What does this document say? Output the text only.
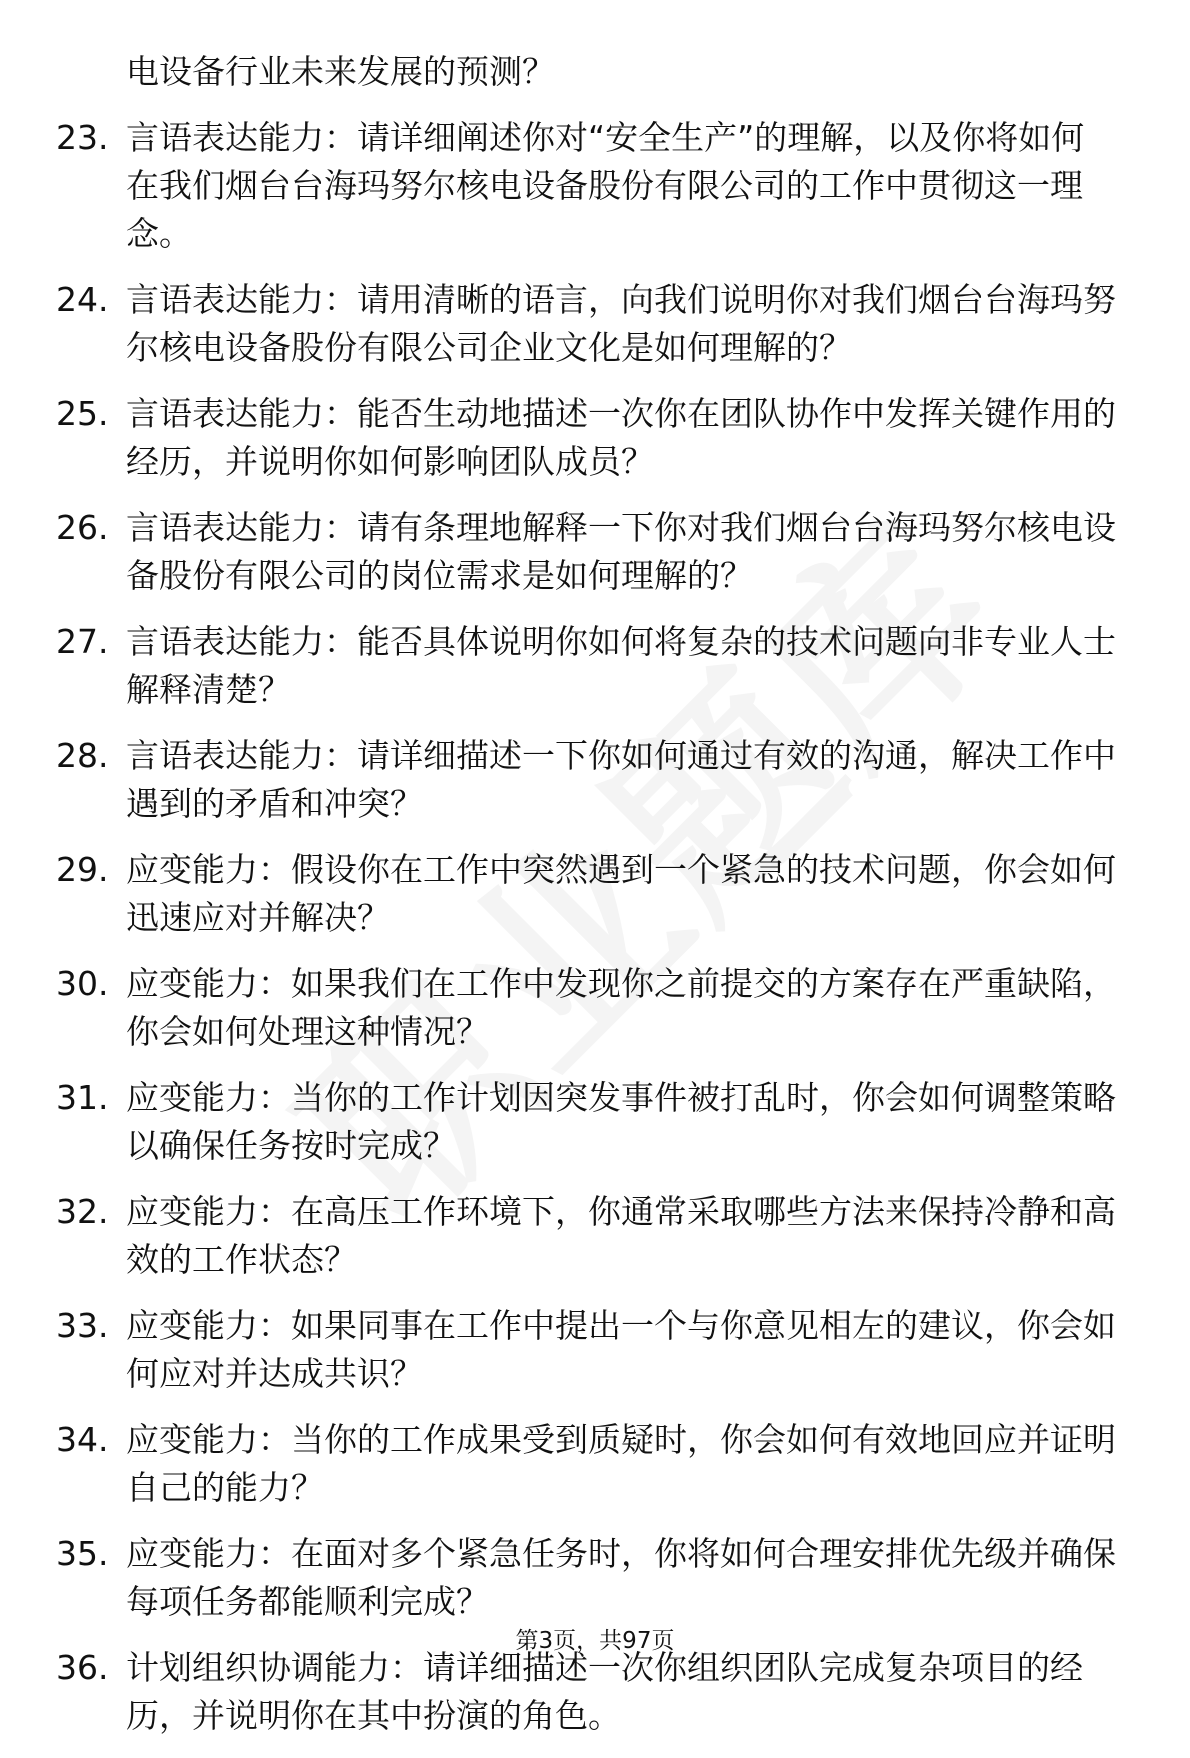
电设备行业未来发展的预测？

23. 言语表达能力：请详细阐述你对“安全生产”的理解，以及你将如何在我们烟台台海玛努尔核电设备股份有限公司的工作中贯彻这一理念。
24. 言语表达能力：请用清晰的语言，向我们说明你对我们烟台台海玛努尔核电设备股份有限公司企业文化是如何理解的？
25. 言语表达能力：能否生动地描述一次你在团队协作中发挥关键作用的经历，并说明你如何影响团队成员？
26. 言语表达能力：请有条理地解释一下你对我们烟台台海玛努尔核电设备股份有限公司的岗位需求是如何理解的？
27. 言语表达能力：能否具体说明你如何将复杂的技术问题向非专业人士解释清楚？
28. 言语表达能力：请详细描述一下你如何通过有效的沟通，解决工作中遇到的矛盾和冲突？
29. 应变能力：假设你在工作中突然遇到一个紧急的技术问题，你会如何迅速应对并解决？
30. 应变能力：如果我们在工作中发现你之前提交的方案存在严重缺陷，你会如何处理这种情况？
31. 应变能力：当你的工作计划因突发事件被打乱时，你会如何调整策略以确保任务按时完成？
32. 应变能力：在高压工作环境下，你通常采取哪些方法来保持冷静和高效的工作状态？
33. 应变能力：如果同事在工作中提出一个与你意见相左的建议，你会如何应对并达成共识？
34. 应变能力：当你的工作成果受到质疑时，你会如何有效地回应并证明自己的能力？
35. 应变能力：在面对多个紧急任务时，你将如何合理安排优先级并确保每项任务都能顺利完成？
36. 计划组织协调能力：请详细描述一次你组织团队完成复杂项目的经历，并说明你在其中扮演的角色。
第3页，共97页
